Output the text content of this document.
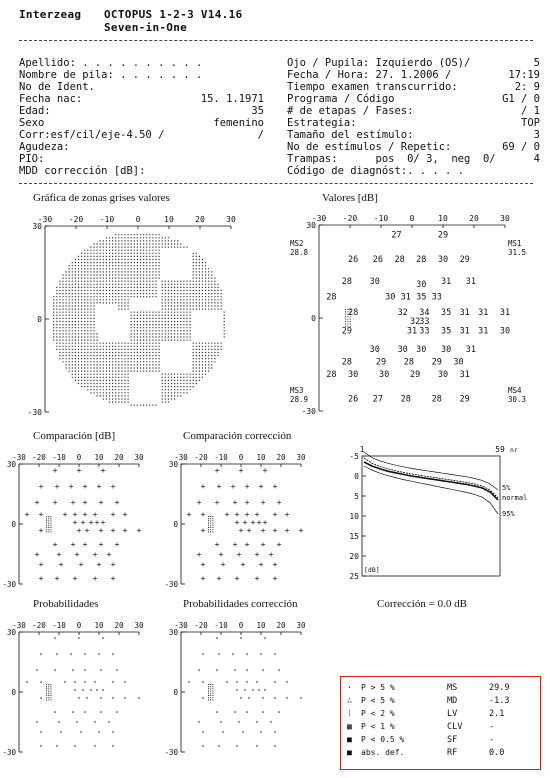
Interzeag OCTOPUS 1-2-3 V14.16
Seven-in-One
Apellido: . . . . . . . . . .
Nombre de pila: . . . . . . .
No de Ident.
Fecha nac:	15. 1.1971
Edad:	35
Sexo	femenino
Corr:esf/cil/eje-4.50 /	/
Agudeza:
PIO:
MDD corrección [dB]:
Ojo / Pupila: Izquierdo (OS)/	5
Fecha / Hora: 27. 1.2006 /	17:19
Tiempo examen transcurrido:	2: 9
Programa / Código	G1 / 0
# de etapas / Fases:	/ 1
Estrategia:	TOP
Tamaño del estímulo:	3
No de estímulos / Repetic:	69 / 0
Trampas:      pos  0/ 3,  neg  0/	4
Código de diagnóst:. . . . .
Gráfica de zonas grises valores	Valores [dB]
Comparación [dB]	Comparación corrección
Probabilidades	Probabilidades corrección	Corrección = 0.0 dB
-30 -20 -10	0	10	20	30
30
0
-30
-30 -20 -10	0	10	20	30
30
0
-30
MS2
28.8
MS1
31.5
MS3
28.9
MS4
30.3
27	29
26 26 28 28 30 29
28 30	30 31 31
28	30 31 35 33
28	32 34 35 31 31 31
32 33
29	31 33 35 31 31 30
30 30 30 30 31
28	29 28 29 30
28 30 30 29 30 31
26 27 28 28 29
-30 -20 -10 0 10 20 30
30
0
-30
+ + +
+ + + + + +
+ + + + + +
+ + + + + + + +
+ + + + +
+	+ + + + + +
+ + + + +
+ + + + +
+ + + + +
+ + + + +
-30 -20 -10 0 10 20 30
30
0
-30
+ + +
+ + + + + +
+ + + + + +
+ + + + + + + +
+ + + + +
+	+ + + + + +
+ + + + +
+ + + + +
+ + + + +
+ + + + +
1	59 nr
-5
0
5
10
15
20
25
[dB]
5%
normal
95%
-30 -20 -10 0 10 20 30
30
0
-30
-30 -20 -10 0 10 20 30
30
0
-30
· P > 5 %
∴ P < 5 %
⁞ P < 2 %
▦ P < 1 %
■ P < 0.5 %
■ abs. def.
MS	29.9
MD	-1.3
LV	2.1
CLV	-
SF	-
RF	0.0
